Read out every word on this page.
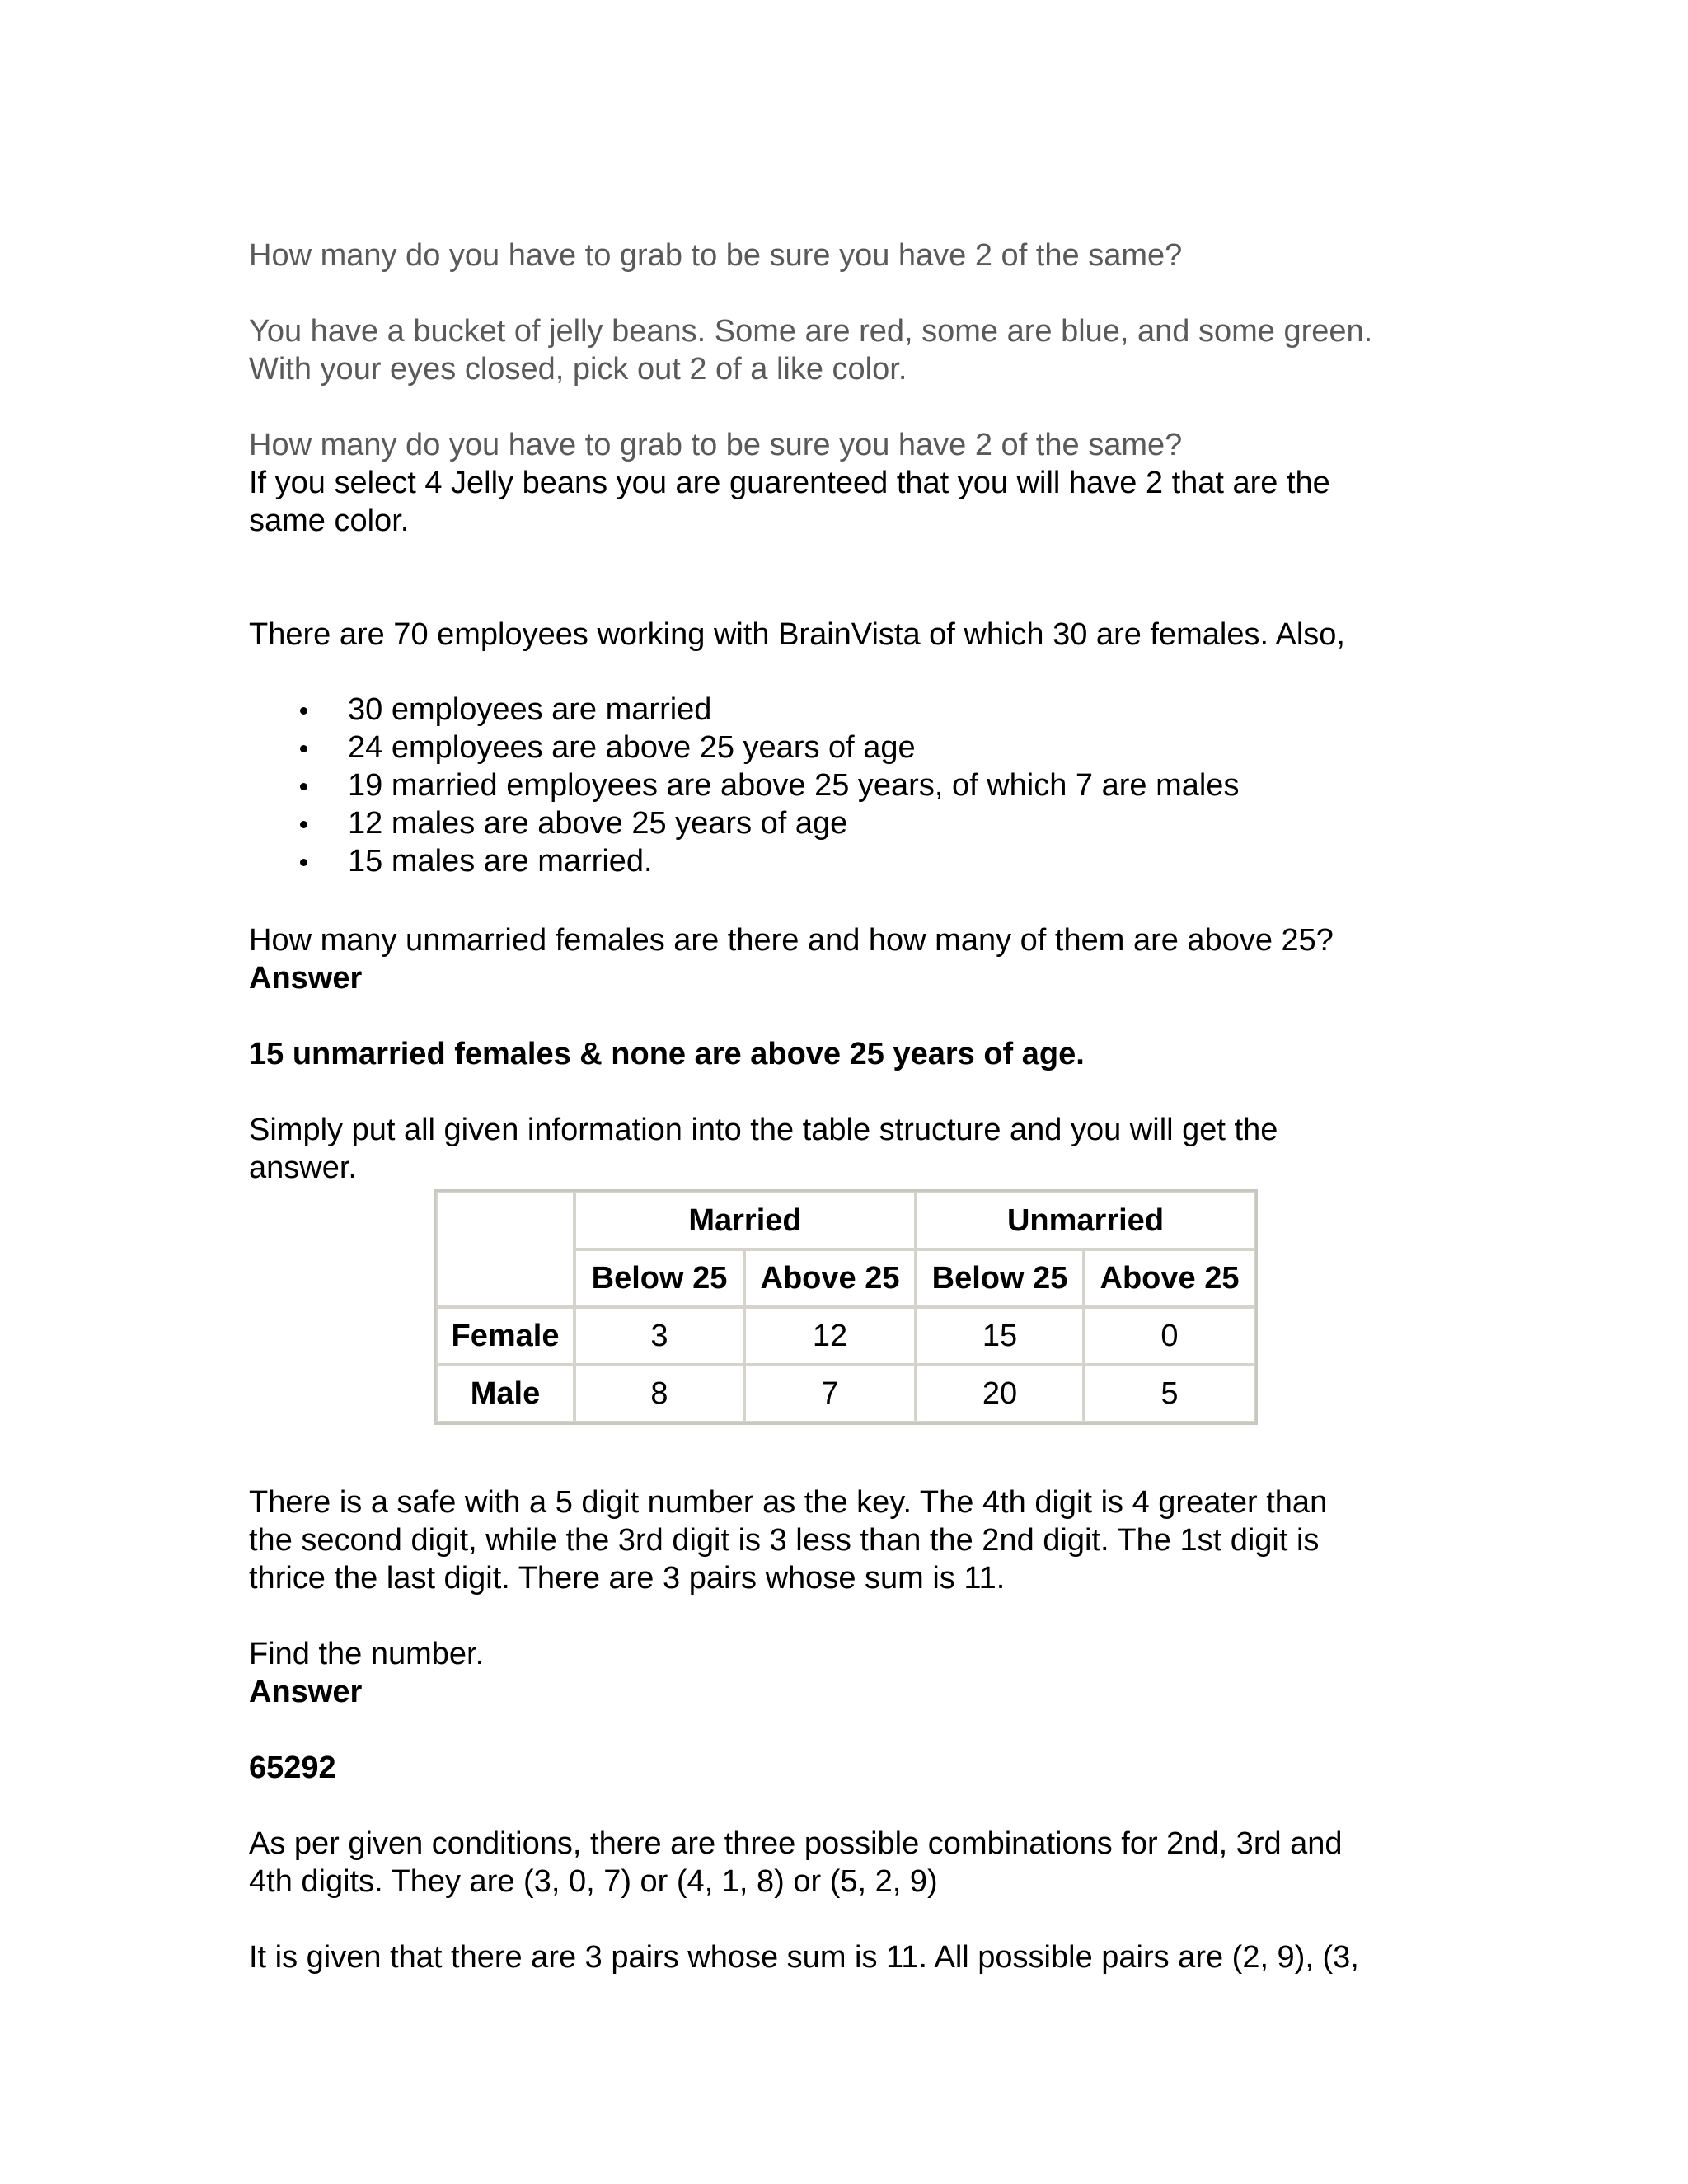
How many do you have to grab to be sure you have 2 of the same?

You have a bucket of jelly beans. Some are red, some are blue, and some green.

With your eyes closed, pick out 2 of a like color.

How many do you have to grab to be sure you have 2 of the same?

If you select 4 Jelly beans you are guarenteed that you will have 2 that are the

same color.

There are 70 employees working with BrainVista of which 30 are females. Also,

30 employees are married
24 employees are above 25 years of age
19 married employees are above 25 years, of which 7 are males
12 males are above 25 years of age
15 males are married.

How many unmarried females are there and how many of them are above 25?

Answer

15 unmarried females & none are above 25 years of age.

Simply put all given information into the table structure and you will get the

answer.

	Married		Unmarried	
	Below 25	Above 25	Below 25	Above 25
Female	3	12	15	0
Male	8	7	20	5

There is a safe with a 5 digit number as the key. The 4th digit is 4 greater than

the second digit, while the 3rd digit is 3 less than the 2nd digit. The 1st digit is

thrice the last digit. There are 3 pairs whose sum is 11.

Find the number.

Answer

65292

As per given conditions, there are three possible combinations for 2nd, 3rd and

4th digits. They are (3, 0, 7) or (4, 1, 8) or (5, 2, 9)

It is given that there are 3 pairs whose sum is 11. All possible pairs are (2, 9), (3,
